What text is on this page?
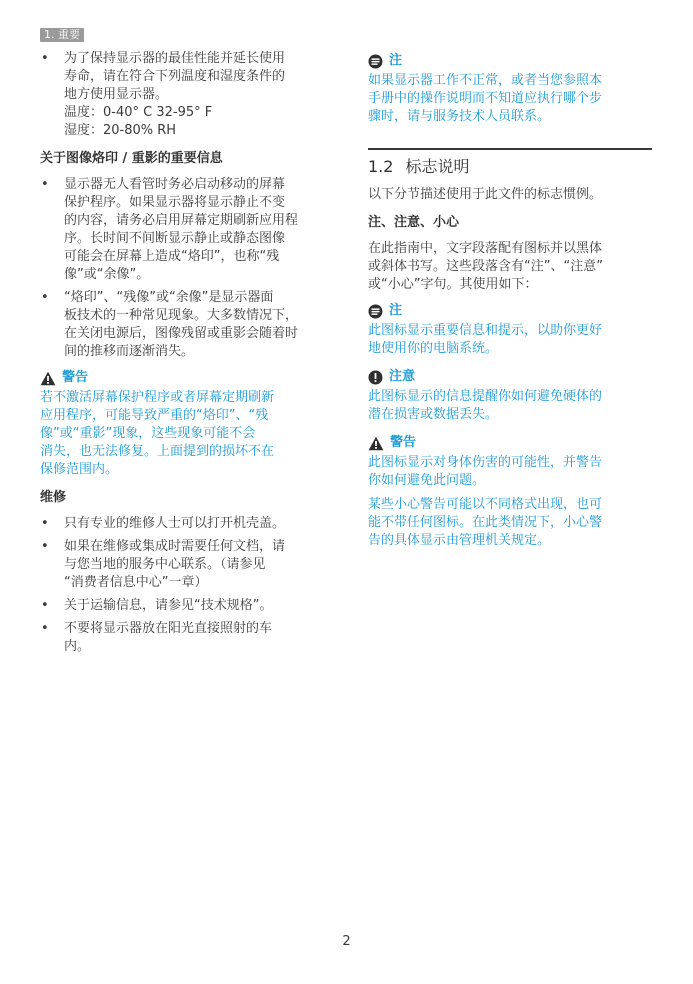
1. 重要
• 为了保持显示器的最佳性能并延长使用
寿命，请在符合下列温度和湿度条件的
地方使用显示器。
温度：0-40° C 32-95° F
湿度：20-80% RH
关于图像烙印 / 重影的重要信息
• 显示器无人看管时务必启动移动的屏幕
保护程序。如果显示器将显示静止不变
的内容，请务必启用屏幕定期刷新应用程
序。长时间不间断显示静止或静态图像
可能会在屏幕上造成“烙印”，也称“残
像”或“余像”。
• “烙印”、“残像”或“余像”是显示器面
板技术的一种常见现象。大多数情况下，
在关闭电源后，图像残留或重影会随着时
间的推移而逐渐消失。
警告

若不激活屏幕保护程序或者屏幕定期刷新
应用程序，可能导致严重的“烙印”、“残
像”或“重影”现象，这些现象可能不会
消失，也无法修复。上面提到的损坏不在
保修范围内。

维修
• 只有专业的维修人士可以打开机壳盖。
• 如果在维修或集成时需要任何文档，请
与您当地的服务中心联系。（请参见
“消费者信息中心”一章）
• 关于运输信息，请参见“技术规格”。
• 不要将显示器放在阳光直接照射的车
内。
注

如果显示器工作不正常，或者当您参照本
手册中的操作说明而不知道应执行哪个步
骤时，请与服务技术人员联系。

1.2 标志说明

以下分节描述使用于此文件的标志惯例。

注、注意、小心

在此指南中，文字段落配有图标并以黑体
或斜体书写。这些段落含有“注”、“注意”
或“小心”字句。其使用如下：

注

此图标显示重要信息和提示，以助你更好
地使用你的电脑系统。

注意

此图标显示的信息提醒你如何避免硬体的
潜在损害或数据丢失。

警告

此图标显示对身体伤害的可能性，并警告
你如何避免此问题。

某些小心警告可能以不同格式出现，也可
能不带任何图标。在此类情况下，小心警
告的具体显示由管理机关规定。

2
